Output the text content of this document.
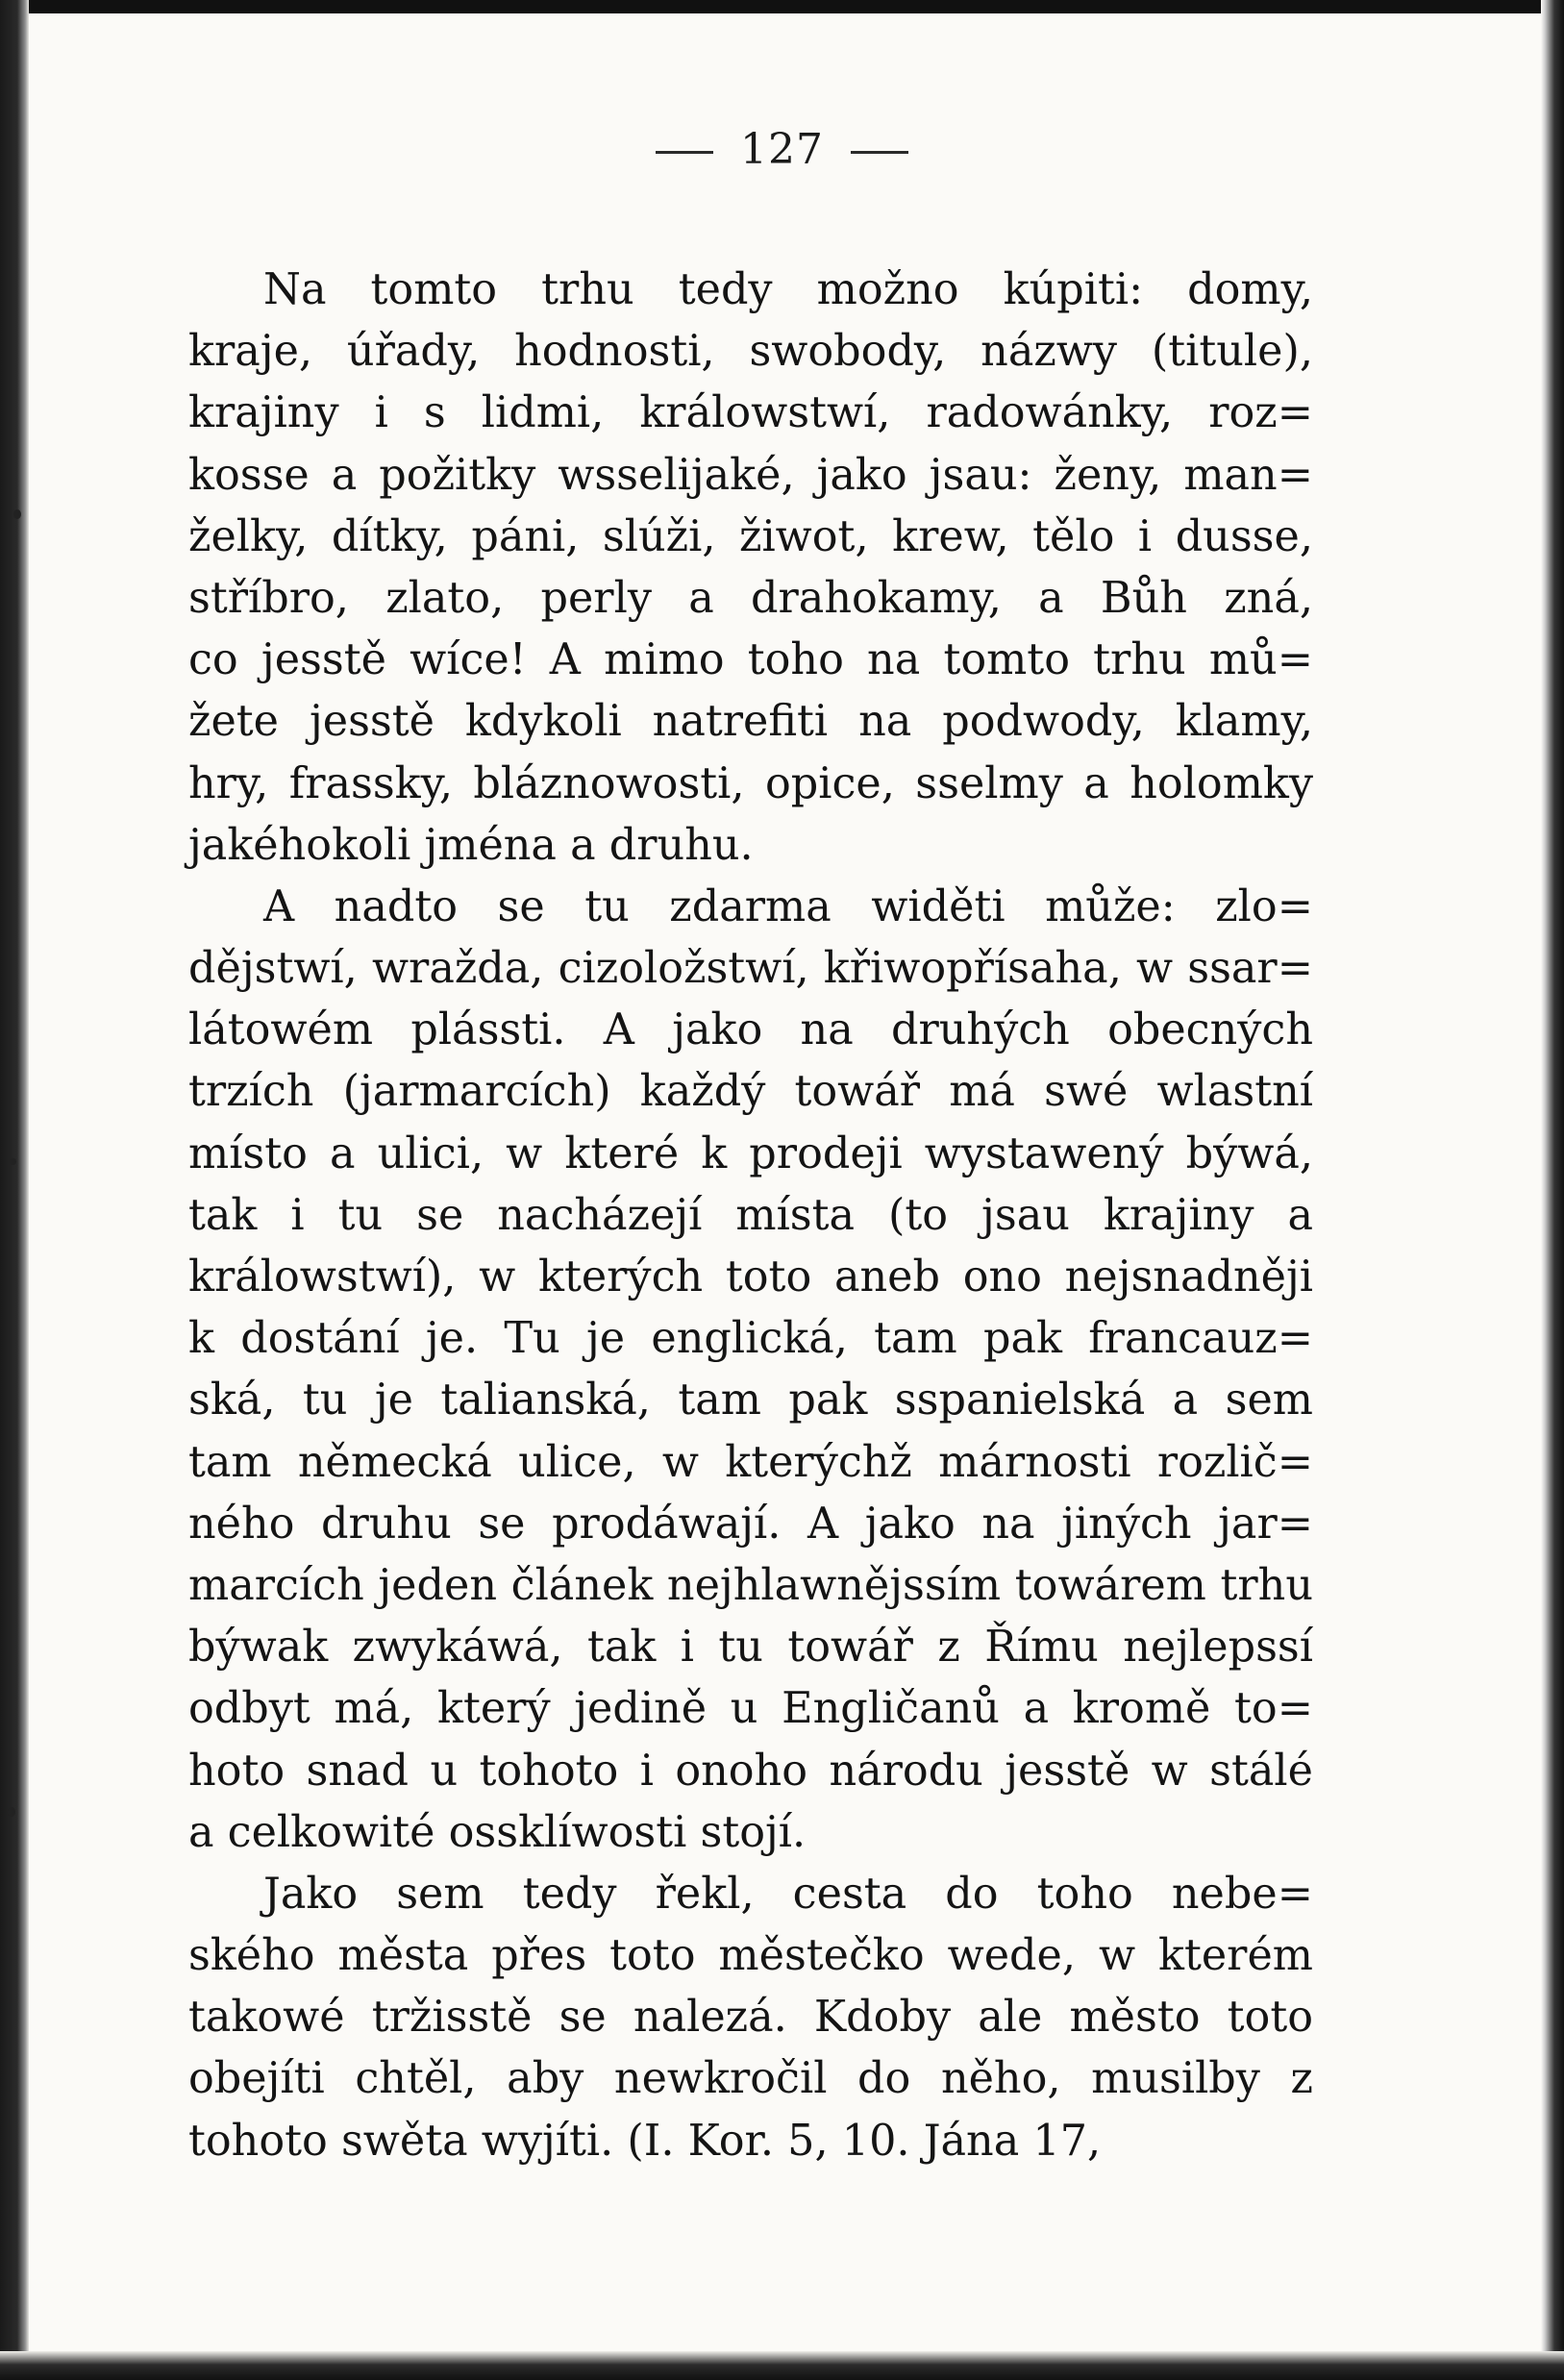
127
Na tomto trhu tedy možno kúpiti: domy,
kraje, úřady, hodnosti, swobody, názwy (titule),
krajiny i s lidmi, králowstwí, radowánky, roz=
kosse a požitky wsselijaké, jako jsau: ženy, man=
želky, dítky, páni, slúži, žiwot, krew, tělo i dusse,
stříbro, zlato, perly a drahokamy, a Bůh zná,
co jesstě wíce! A mimo toho na tomto trhu mů=
žete jesstě kdykoli natrefiti na podwody, klamy,
hry, frassky, bláznowosti, opice, sselmy a holomky
jakéhokoli jména a druhu.
A nadto se tu zdarma widěti může: zlo=
dějstwí, wraždа, cizoložstwí, křiwopřísaha, w ssar=
látowém plássti. A jako na druhých obecných
trzích (jarmarcích) každý towář má swé wlastní
místo a ulici, w které k prodeji wystawený býwá,
tak i tu se nacházejí místa (to jsau krajiny a
králowstwí), w kterých toto aneb ono nejsnadněji
k dostání je. Tu je englická, tam pak francauz=
ská, tu je talianská, tam pak sspanielská a sem
tam německá ulice, w kterýchž márnosti rozlič=
ného druhu se prodáwají. A jako na jiných jar=
marcích jeden článek nejhlawnějssím towárem trhu
býwak zwykáwá, tak i tu towář z Římu nejlepssí
odbyt má, který jedině u Engličanů a kromě to=
hoto snad u tohoto i onoho národu jesstě w stálé
a celkowité ossklíwosti stojí.
Jako sem tedy řekl, cesta do toho nebe=
ského města přes toto městečko wede, w kterém
takowé tržisstě se nalezá. Kdoby ale město toto
obejíti chtěl, aby newkročil do něho, musilby z
tohoto swěta wyjíti. (I. Kor. 5, 10. Jána 17,
